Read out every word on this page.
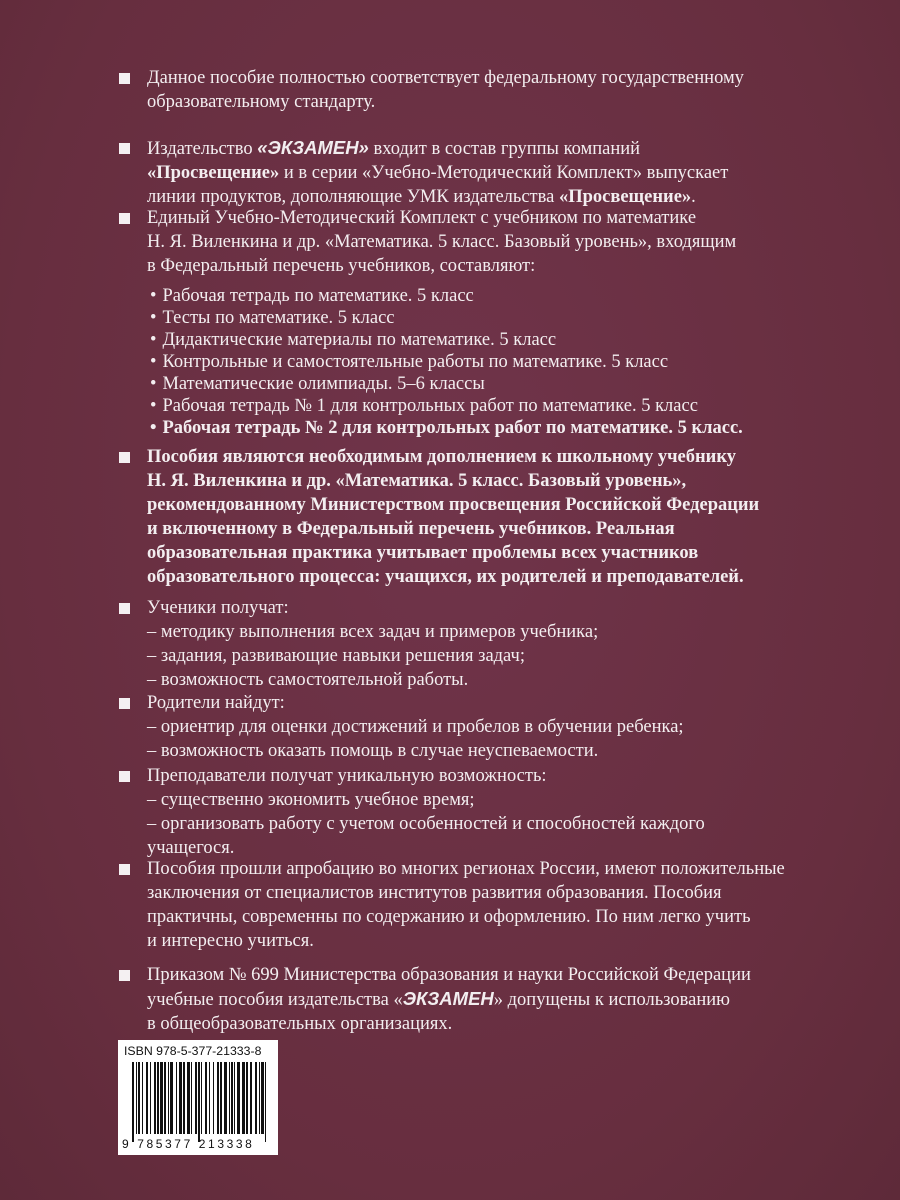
Данное пособие полностью соответствует федеральному государственному
образовательному стандарту.
Издательство «ЭКЗАМЕН» входит в состав группы компаний
«Просвещение» и в серии «Учебно-Методический Комплект» выпускает
линии продуктов, дополняющие УМК издательства «Просвещение».
Единый Учебно-Методический Комплект с учебником по математике
Н. Я. Виленкина и др. «Математика. 5 класс. Базовый уровень», входящим
в Федеральный перечень учебников, составляют:
Пособия являются необходимым дополнением к школьному учебнику
Н. Я. Виленкина и др. «Математика. 5 класс. Базовый уровень»,
рекомендованному Министерством просвещения Российской Федерации
и включенному в Федеральный перечень учебников. Реальная
образовательная практика учитывает проблемы всех участников
образовательного процесса: учащихся, их родителей и преподавателей.
Ученики получат:
– методику выполнения всех задач и примеров учебника;
– задания, развивающие навыки решения задач;
– возможность самостоятельной работы.
Родители найдут:
– ориентир для оценки достижений и пробелов в обучении ребенка;
– возможность оказать помощь в случае неуспеваемости.
Преподаватели получат уникальную возможность:
– существенно экономить учебное время;
– организовать работу с учетом особенностей и способностей каждого
учащегося.
Пособия прошли апробацию во многих регионах России, имеют положительные
заключения от специалистов институтов развития образования. Пособия
практичны, современны по содержанию и оформлению. По ним легко учить
и интересно учиться.
Приказом № 699 Министерства образования и науки Российской Федерации
учебные пособия издательства «ЭКЗАМЕН» допущены к использованию
в общеобразовательных организациях.
• Рабочая тетрадь по математике. 5 класс
• Тесты по математике. 5 класс
• Дидактические материалы по математике. 5 класс
• Контрольные и самостоятельные работы по математике. 5 класс
• Математические олимпиады. 5–6 классы
• Рабочая тетрадь № 1 для контрольных работ по математике. 5 класс
• Рабочая тетрадь № 2 для контрольных работ по математике. 5 класс.
ISBN 978-5-377-21333-8
9 785377 213338
